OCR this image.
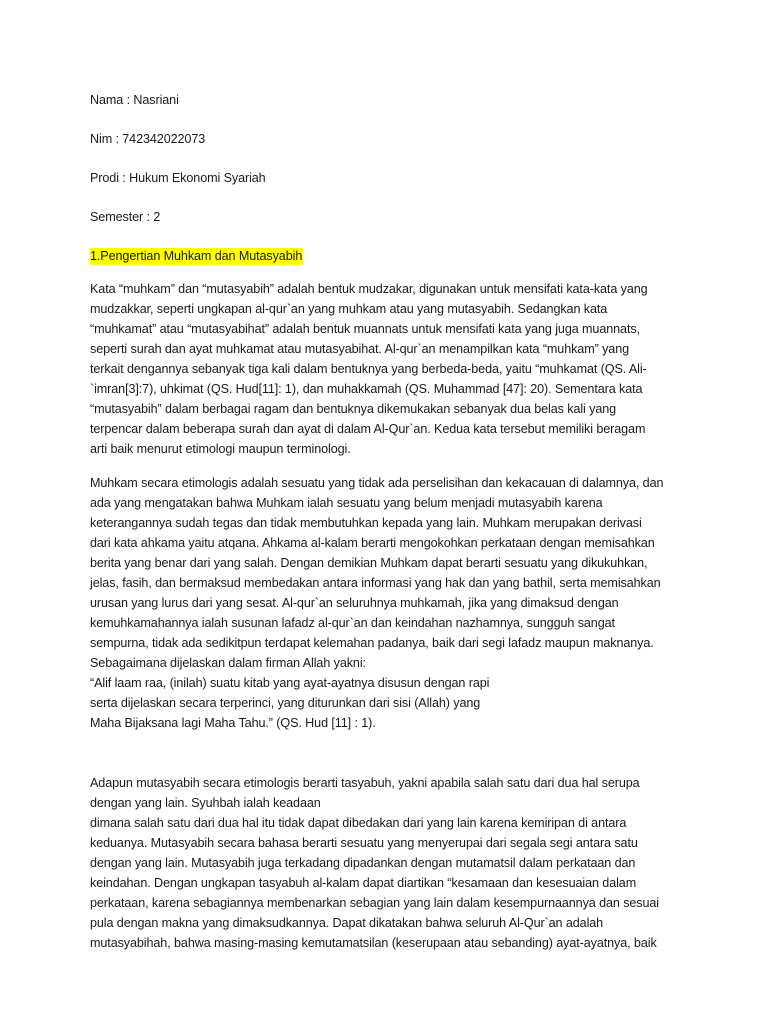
Nama : Nasriani
Nim : 742342022073
Prodi : Hukum Ekonomi Syariah
Semester : 2
1.Pengertian Muhkam dan Mutasyabih
Kata “muhkam” dan “mutasyabih” adalah bentuk mudzakar, digunakan untuk mensifati kata-kata yang
mudzakkar, seperti ungkapan al-qur`an yang muhkam atau yang mutasyabih. Sedangkan kata
“muhkamat” atau “mutasyabihat” adalah bentuk muannats untuk mensifati kata yang juga muannats,
seperti surah dan ayat muhkamat atau mutasyabihat. Al-qur`an menampilkan kata “muhkam” yang
terkait dengannya sebanyak tiga kali dalam bentuknya yang berbeda-beda, yaitu “muhkamat (QS. Ali-
`imran[3]:7), uhkimat (QS. Hud[11]: 1), dan muhakkamah (QS. Muhammad [47]: 20). Sementara kata
“mutasyabih” dalam berbagai ragam dan bentuknya dikemukakan sebanyak dua belas kali yang
terpencar dalam beberapa surah dan ayat di dalam Al-Qur`an. Kedua kata tersebut memiliki beragam
arti baik menurut etimologi maupun terminologi.
Muhkam secara etimologis adalah sesuatu yang tidak ada perselisihan dan kekacauan di dalamnya, dan
ada yang mengatakan bahwa Muhkam ialah sesuatu yang belum menjadi mutasyabih karena
keterangannya sudah tegas dan tidak membutuhkan kepada yang lain. Muhkam merupakan derivasi
dari kata ahkama yaitu atqana. Ahkama al-kalam berarti mengokohkan perkataan dengan memisahkan
berita yang benar dari yang salah. Dengan demikian Muhkam dapat berarti sesuatu yang dikukuhkan,
jelas, fasih, dan bermaksud membedakan antara informasi yang hak dan yang bathil, serta memisahkan
urusan yang lurus dari yang sesat. Al-qur`an seluruhnya muhkamah, jika yang dimaksud dengan
kemuhkamahannya ialah susunan lafadz al-qur`an dan keindahan nazhamnya, sungguh sangat
sempurna, tidak ada sedikitpun terdapat kelemahan padanya, baik dari segi lafadz maupun maknanya.
Sebagaimana dijelaskan dalam firman Allah yakni:
“Alif laam raa, (inilah) suatu kitab yang ayat-ayatnya disusun dengan rapi
serta dijelaskan secara terperinci, yang diturunkan dari sisi (Allah) yang
Maha Bijaksana lagi Maha Tahu.” (QS. Hud [11] : 1).
Adapun mutasyabih secara etimologis berarti tasyabuh, yakni apabila salah satu dari dua hal serupa
dengan yang lain. Syuhbah ialah keadaan
dimana salah satu dari dua hal itu tidak dapat dibedakan dari yang lain karena kemiripan di antara
keduanya. Mutasyabih secara bahasa berarti sesuatu yang menyerupai dari segala segi antara satu
dengan yang lain. Mutasyabih juga terkadang dipadankan dengan mutamatsil dalam perkataan dan
keindahan. Dengan ungkapan tasyabuh al-kalam dapat diartikan “kesamaan dan kesesuaian dalam
perkataan, karena sebagiannya membenarkan sebagian yang lain dalam kesempurnaannya dan sesuai
pula dengan makna yang dimaksudkannya. Dapat dikatakan bahwa seluruh Al-Qur`an adalah
mutasyabihah, bahwa masing-masing kemutamatsilan (keserupaan atau sebanding) ayat-ayatnya, baik
